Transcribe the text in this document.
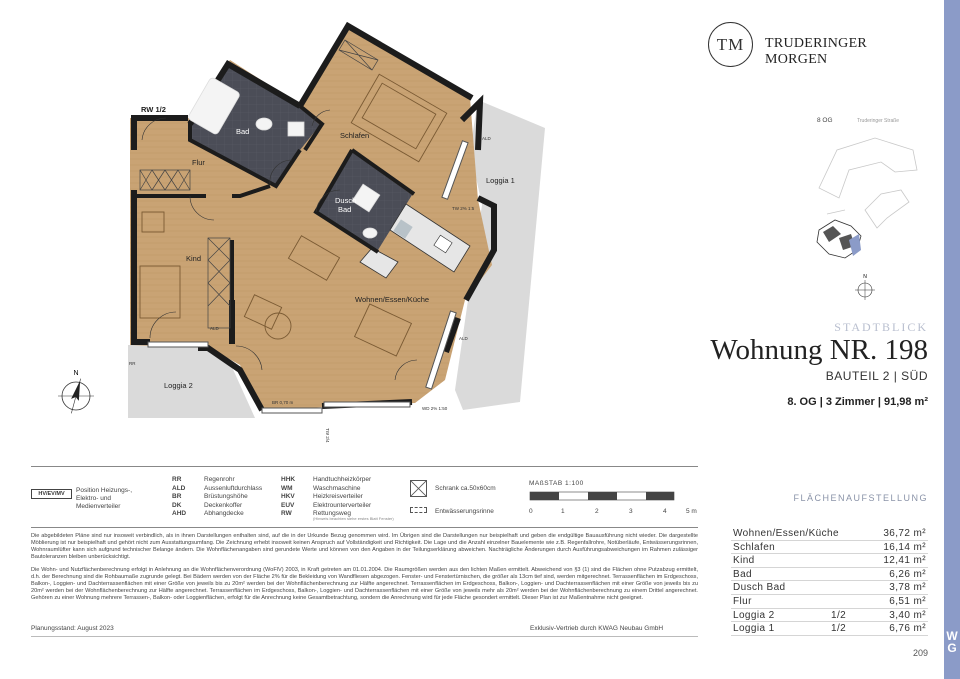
W G
RW 1/2
Bad	Schlafen
Flur
Dusch
Bad
Kind
Loggia 1
Wohnen/Essen/Küche
Loggia 2
ALD
ALD
ALD
RR
BR 0,70 m
WD 2% 1:50
TW 2/4
TW 2% 1:5
N
TM	TRUDERINGER MORGEN
8 OG	Truderinger Straße
N
STADTBLICK
Wohnung NR. 198
BAUTEIL 2 | SÜD
8. OG | 3 Zimmer | 91,98 m²
FLÄCHENAUFSTELLUNG
Wohnen/Essen/Küche	36,72 m²
Schlafen	16,14 m²
Kind	12,41 m²
Bad	6,26 m²
Dusch Bad	3,78 m²
Flur	6,51 m²
Loggia 2	1/2	3,40 m²
Loggia 1	1/2	6,76 m²
209
HV/EV/MV	Position Heizungs-, Elektro- und Medienverteiler
RR	Regenrohr
ALD	Aussenluftdurchlass
BR	Brüstungshöhe
DK	Deckenkoffer
AHD	Abhangdecke
HHK	Handtuchheizkörper
WM	Waschmaschine
HKV	Heizkreisverteiler
EUV	Elektrounterverteiler
RW	Rettungsweg
(Hinweis beachten siehe erstes Blatt Fenster)
Schrank ca.50x60cm
Entwässerungsrinne
MAßSTAB 1:100
0	1	2	3	4	5 m
Die abgebildeten Pläne sind nur insoweit verbindlich, als in ihnen Darstellungen enthalten sind, auf die in der Urkunde Bezug genommen wird. Im Übrigen sind die Darstellungen nur beispielhaft und geben die endgültige Bauausführung nicht wieder. Die dargestellte Möblierung ist nur beispielhaft und gehört nicht zum Ausstattungsumfang. Die Zeichnung erhebt insoweit keinen Anspruch auf Vollständigkeit und Richtigkeit. Die Lage und die Anzahl einzelner Bauelemente wie z.B. Regenfallrohre, Notüberläufe, Entwässerungsrinnen, Wohnraumlüfter kann sich aufgrund technischer Belange ändern. Die Wohnflächenangaben sind gerundete Werte und können von den Angaben in der Teilungserklärung abweichen. Nachträgliche Änderungen durch Ausführungsabweichungen im Rahmen zulässiger Bautoleranzen bleiben unberücksichtigt.
Die Wohn- und Nutzflächenberechnung erfolgt in Anlehnung an die Wohnflächenverordnung (WoFlV) 2003, in Kraft getreten am 01.01.2004. Die Raumgrößen werden aus den lichten Maßen ermittelt. Abweichend von §3 (1) sind die Flächen ohne Putzabzug ermittelt, d.h. der Berechnung sind die Rohbaumaße zugrunde gelegt. Bei Bädern werden von der Fläche 2% für die Bekleidung von Wandfliesen abgezogen. Fenster- und Fenstertürnischen, die größer als 13cm tief sind, werden mitgerechnet. Terrassenflächen im Erdgeschoss, Balkon-, Loggien- und Dachterrassenflächen mit einer Größe von jeweils bis zu 20m² werden bei der Wohnflächenberechnung zur Hälfte angerechnet. Terrassenflächen im Erdgeschoss, Balkon-, Loggien- und Dachterrassenflächen mit einer Größe von jeweils bis zu 20m² werden bei der Wohnflächenberechnung zur Hälfte angerechnet. Terrassenflächen im Erdgeschoss, Balkon-, Loggien- und Dachterrassenflächen mit einer Größe von jeweils mehr als 20m² werden bei der Wohnflächenberechnung zu einem Drittel angerechnet. Gehören zu einer Wohnung mehrere Terrassen-, Balkon- oder Loggienflächen, erfolgt für die Anrechnung keine Gesamtbetrachtung, sondern die Anrechnung wird für jede Fläche gesondert ermittelt. Dieser Plan ist zur Maßentnahme nicht geeignet.
Planungsstand: August 2023	Exklusiv-Vertrieb durch KWAG Neubau GmbH
